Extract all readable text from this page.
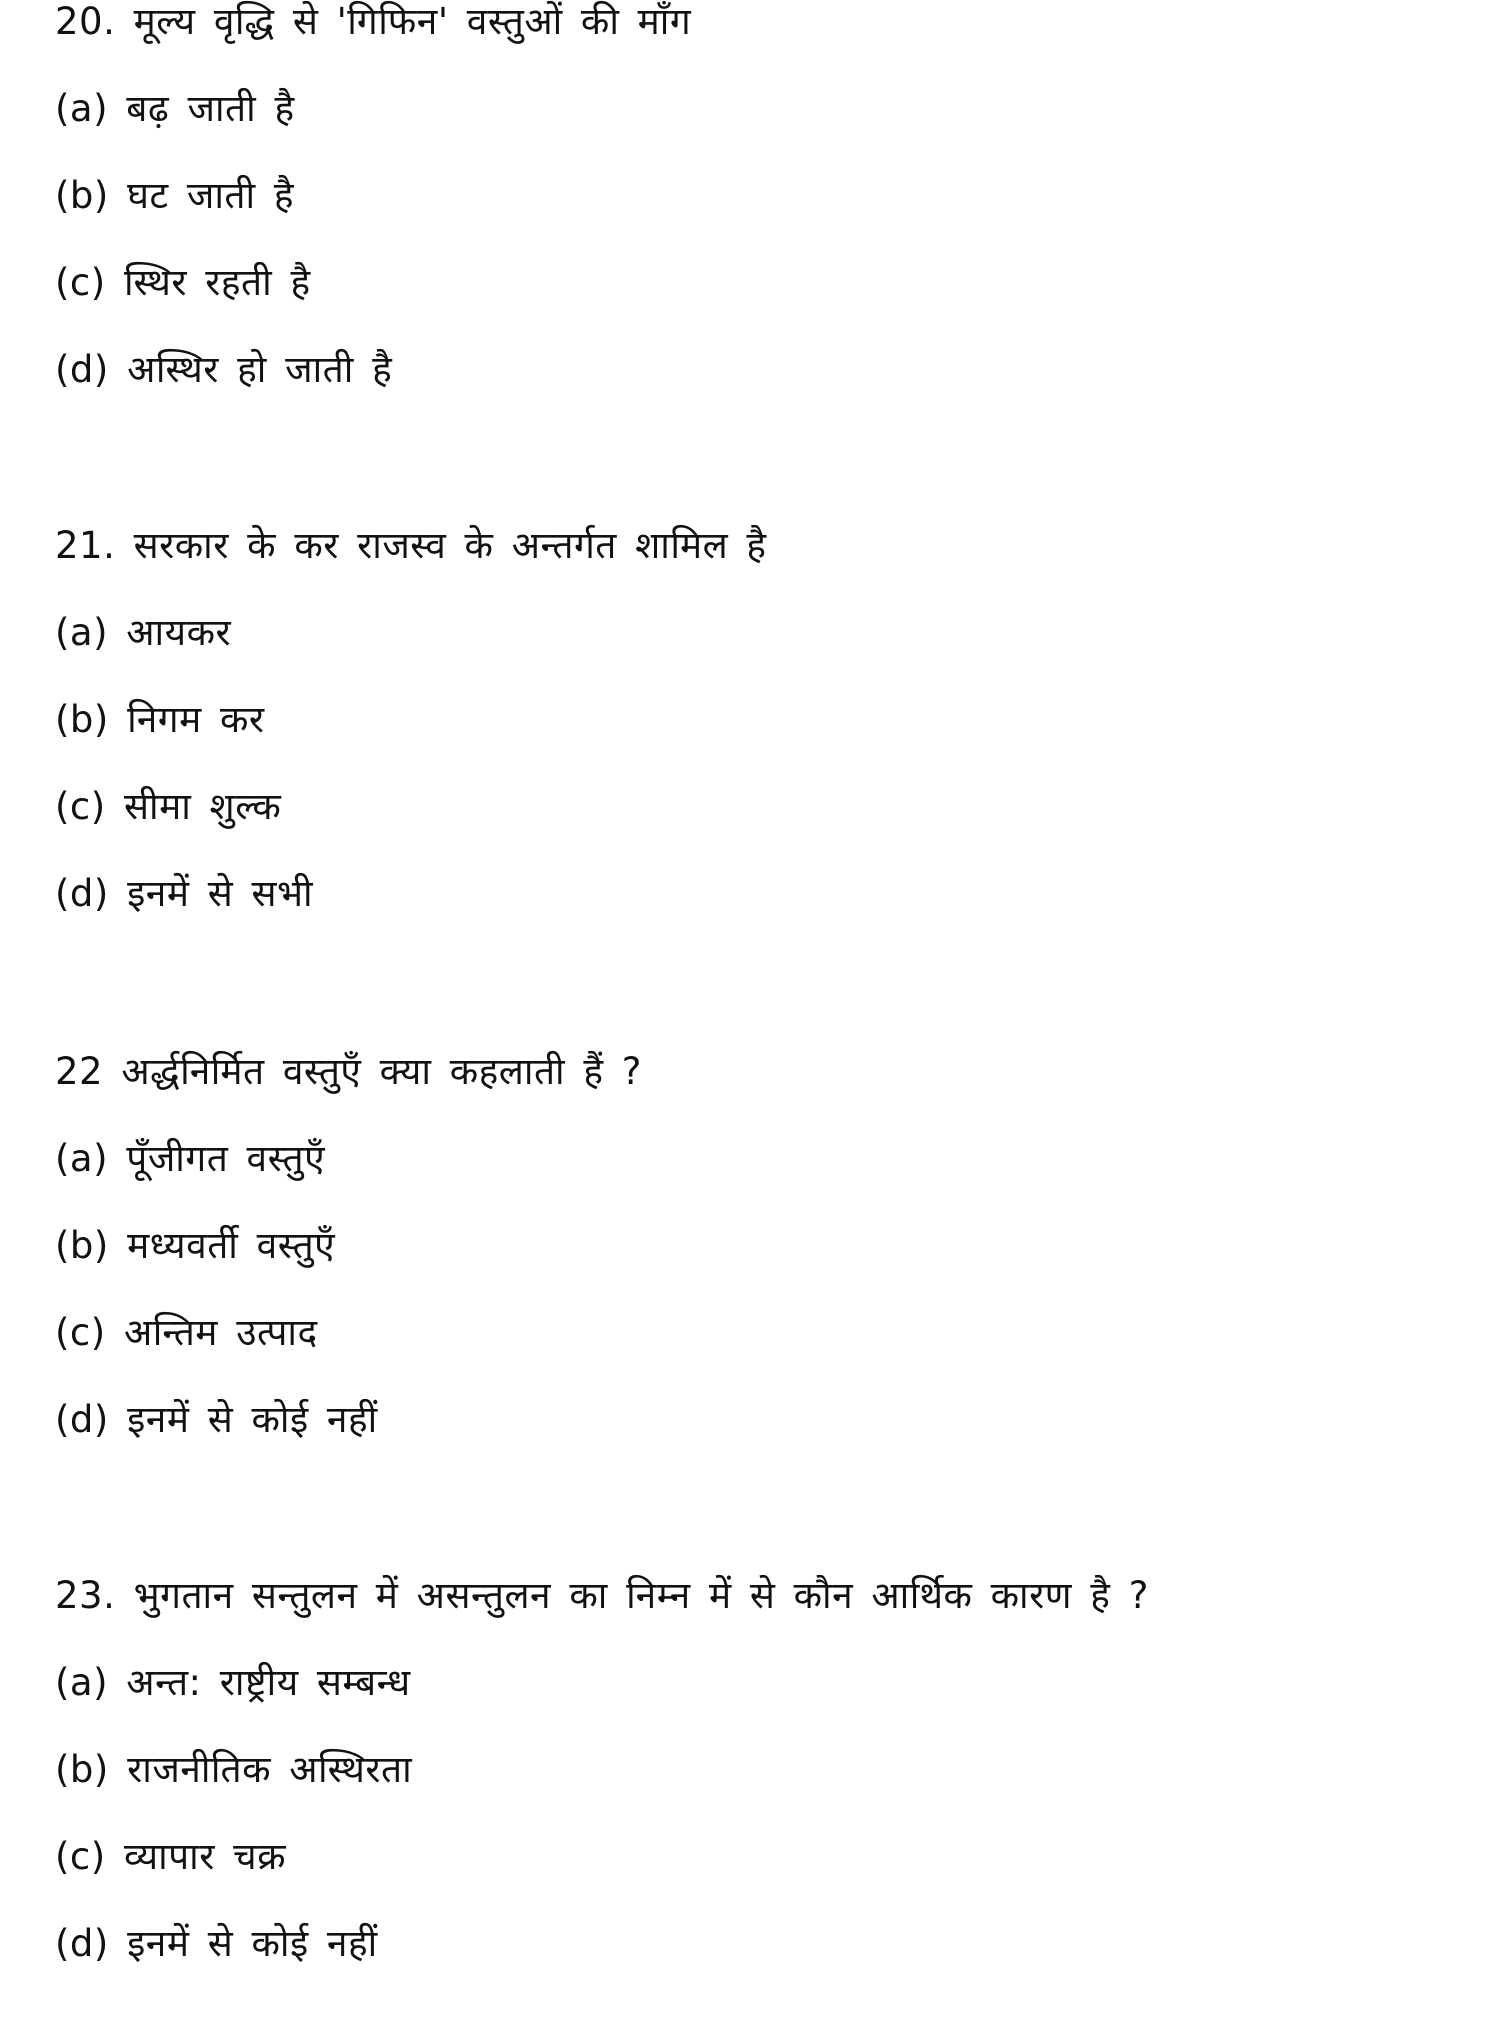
20. मूल्य वृद्धि से 'गिफिन' वस्तुओं की माँग
(a) बढ़ जाती है
(b) घट जाती है
(c) स्थिर रहती है
(d) अस्थिर हो जाती है
21. सरकार के कर राजस्व के अन्तर्गत शामिल है
(a) आयकर
(b) निगम कर
(c) सीमा शुल्क
(d) इनमें से सभी
22 अर्द्धनिर्मित वस्तुएँ क्या कहलाती हैं ?
(a) पूँजीगत वस्तुएँ
(b) मध्यवर्ती वस्तुएँ
(c) अन्तिम उत्पाद
(d) इनमें से कोई नहीं
23. भुगतान सन्तुलन में असन्तुलन का निम्न में से कौन आर्थिक कारण है ?
(a) अन्त: राष्ट्रीय सम्बन्ध
(b) राजनीतिक अस्थिरता
(c) व्यापार चक्र
(d) इनमें से कोई नहीं
